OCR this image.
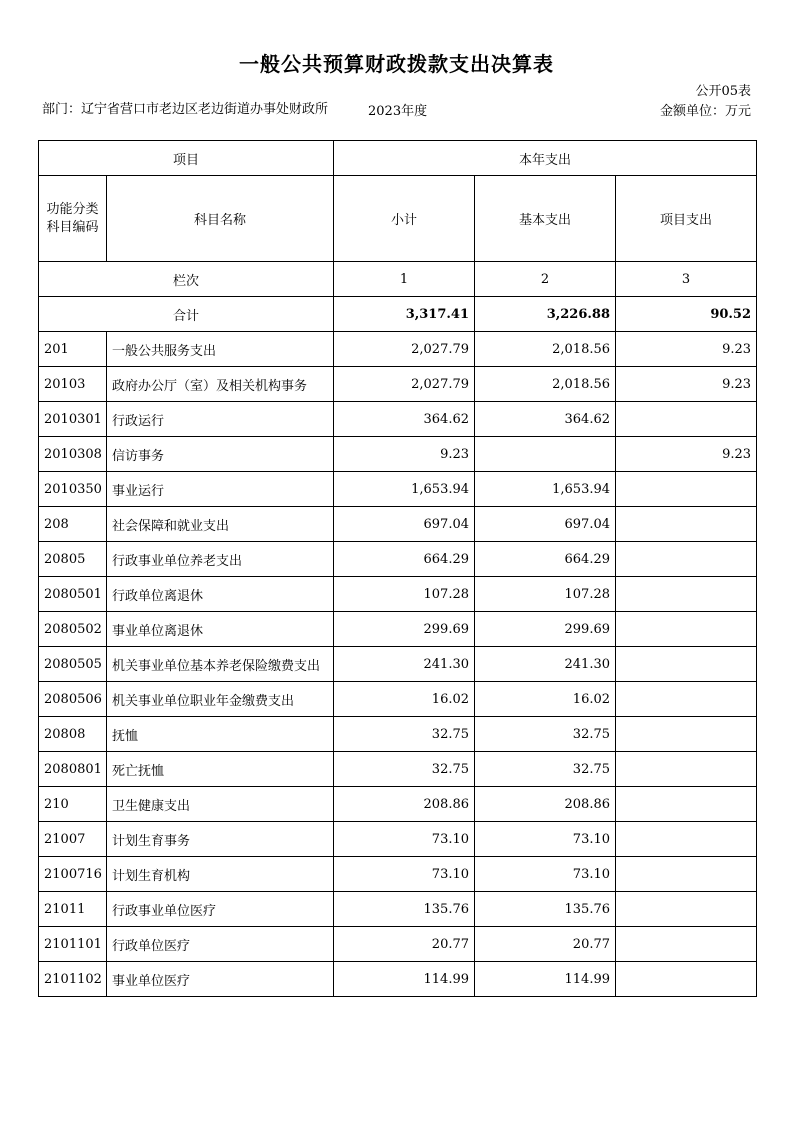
一般公共预算财政拨款支出决算表
公开05表
部门：辽宁省营口市老边区老边街道办事处财政所	2023年度	金额单位：万元
项目		本年支出		
功能分类科目编码	科目名称	小计	基本支出	项目支出
栏次		1	2	3
合计		3,317.41	3,226.88	90.52
201	一般公共服务支出	2,027.79	2,018.56	9.23
20103	政府办公厅（室）及相关机构事务	2,027.79	2,018.56	9.23
2010301	行政运行	364.62	364.62	
2010308	信访事务	9.23		9.23
2010350	事业运行	1,653.94	1,653.94	
208	社会保障和就业支出	697.04	697.04	
20805	行政事业单位养老支出	664.29	664.29	
2080501	行政单位离退休	107.28	107.28	
2080502	事业单位离退休	299.69	299.69	
2080505	机关事业单位基本养老保险缴费支出	241.30	241.30	
2080506	机关事业单位职业年金缴费支出	16.02	16.02	
20808	抚恤	32.75	32.75	
2080801	死亡抚恤	32.75	32.75	
210	卫生健康支出	208.86	208.86	
21007	计划生育事务	73.10	73.10	
2100716	计划生育机构	73.10	73.10	
21011	行政事业单位医疗	135.76	135.76	
2101101	行政单位医疗	20.77	20.77	
2101102	事业单位医疗	114.99	114.99	
